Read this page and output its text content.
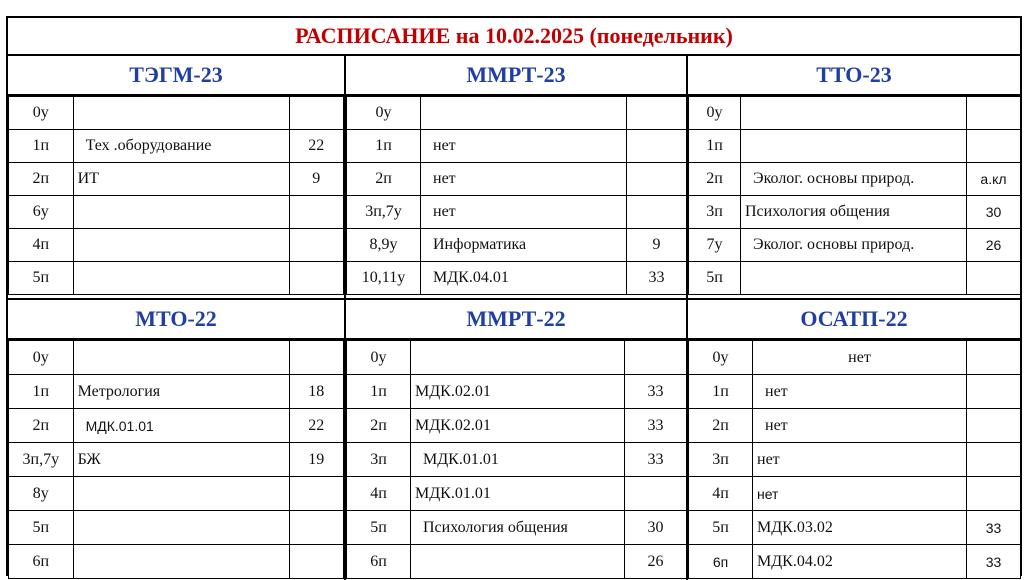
РАСПИСАНИЕ на 10.02.2025 (понедельник)
ТЭГМ-23
0у		
1п	Тех .оборудование	22
2п	ИТ	9
6у		
4п		
5п		
МТО-22
0у		
1п	Метрология	18
2п	МДК.01.01	22
3п,7у	БЖ	19
8у		
5п		
6п		
ММРТ-23
0у		
1п	нет	
2п	нет	
3п,7у	нет	
8,9у	Информатика	9
10,11у	МДК.04.01	33
ММРТ-22
0у		
1п	МДК.02.01	33
2п	МДК.02.01	33
3п	МДК.01.01	33
4п	МДК.01.01	
5п	Психология общения	30
6п		26
ТТО-23
0у		
1п		
2п	Эколог. основы природ.	а.кл
3п	Психология общения	30
7у	Эколог. основы природ.	26
5п		
ОСАТП-22
0у	нет	
1п	нет	
2п	нет	
3п	нет	
4п	нет	
5п	МДК.03.02	33
6п	МДК.04.02	33
